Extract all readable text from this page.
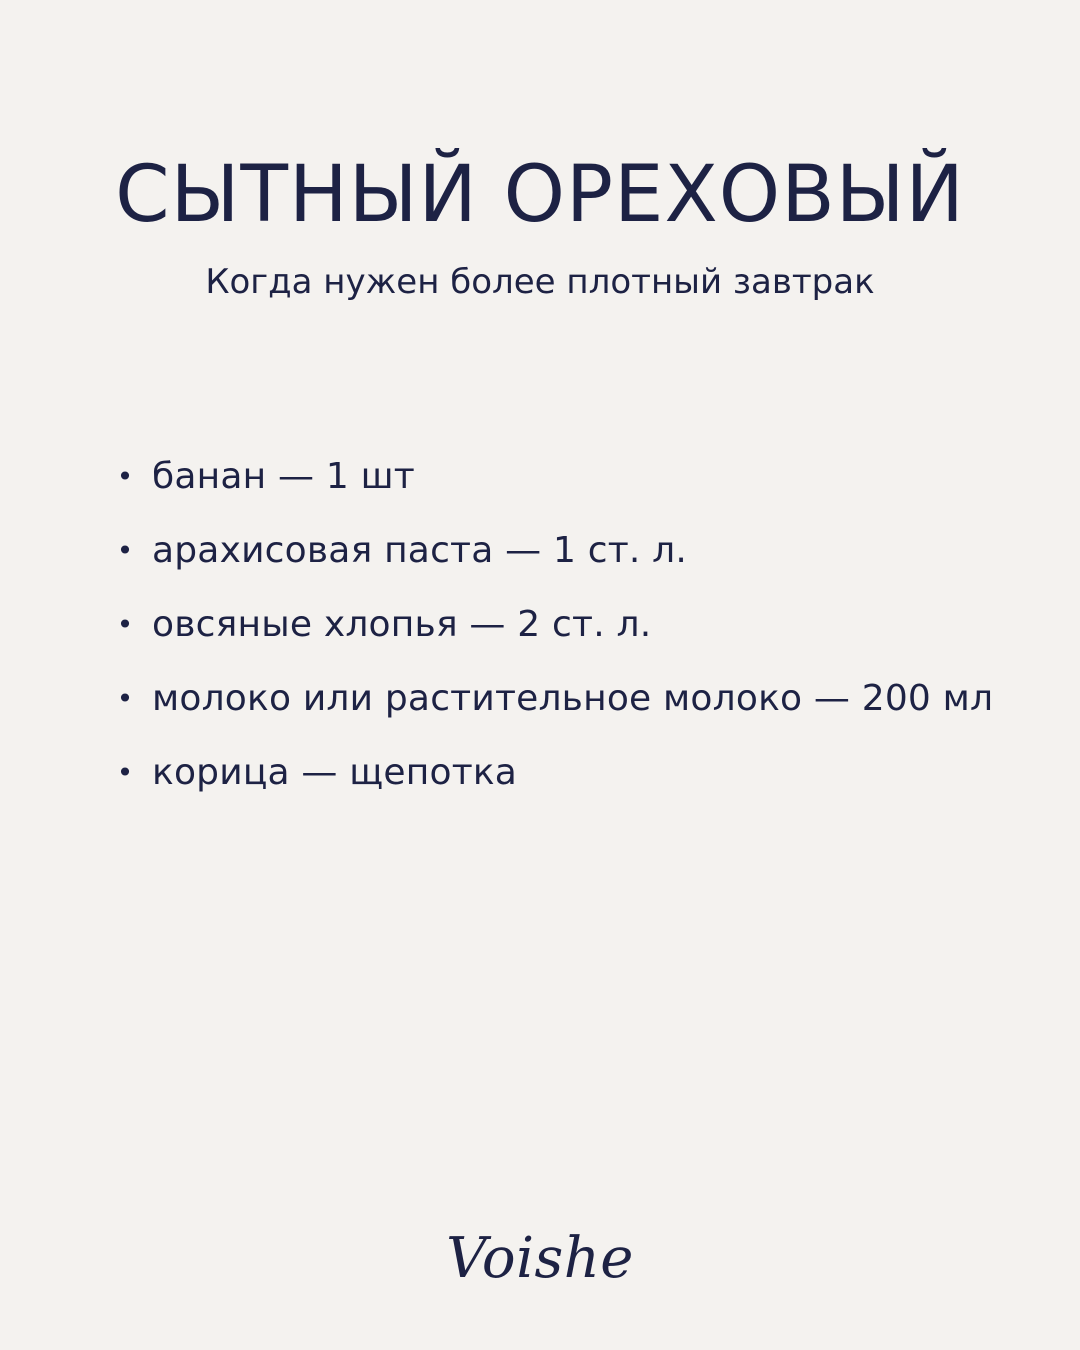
СЫТНЫЙ ОРЕХОВЫЙ
Когда нужен более плотный завтрак
• банан — 1 шт
• арахисовая паста — 1 ст. л.
• овсяные хлопья — 2 ст. л.
• молоко или растительное молоко — 200 мл
• корица — щепотка
Voishe
